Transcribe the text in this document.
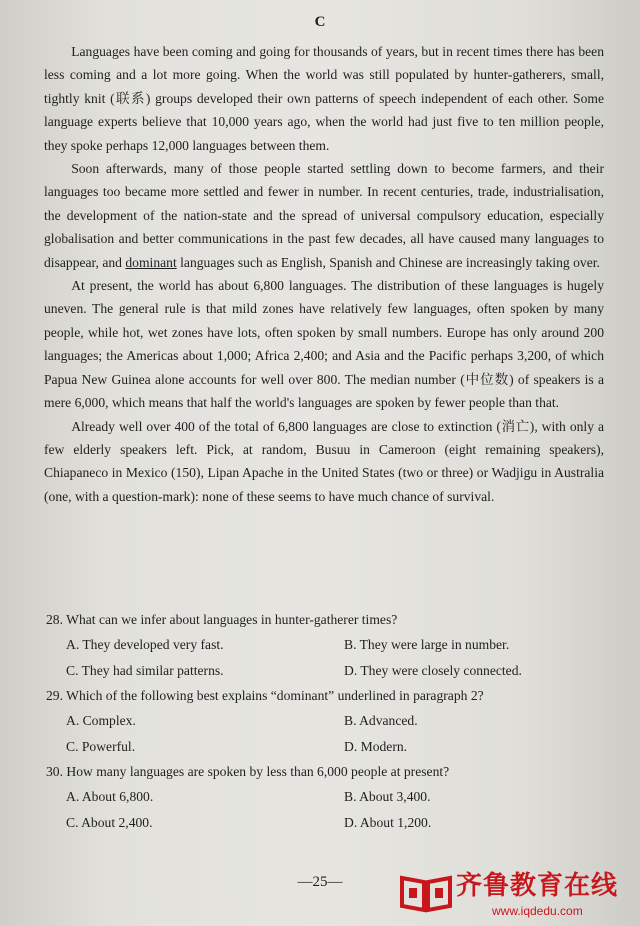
C

Languages have been coming and going for thousands of years, but in recent times there has been less coming and a lot more going. When the world was still populated by hunter-gatherers, small, tightly knit (联系) groups developed their own patterns of speech independent of each other. Some language experts believe that 10,000 years ago, when the world had just five to ten million people, they spoke perhaps 12,000 languages between them.

Soon afterwards, many of those people started settling down to become farmers, and their languages too became more settled and fewer in number. In recent centuries, trade, industrialisation, the development of the nation-state and the spread of universal compulsory education, especially globalisation and better communications in the past few decades, all have caused many languages to disappear, and dominant languages such as English, Spanish and Chinese are increasingly taking over.

At present, the world has about 6,800 languages. The distribution of these languages is hugely uneven. The general rule is that mild zones have relatively few languages, often spoken by many people, while hot, wet zones have lots, often spoken by small numbers. Europe has only around 200 languages; the Americas about 1,000; Africa 2,400; and Asia and the Pacific perhaps 3,200, of which Papua New Guinea alone accounts for well over 800. The median number (中位数) of speakers is a mere 6,000, which means that half the world's languages are spoken by fewer people than that.

Already well over 400 of the total of 6,800 languages are close to extinction (消亡), with only a few elderly speakers left. Pick, at random, Busuu in Cameroon (eight remaining speakers), Chiapaneco in Mexico (150), Lipan Apache in the United States (two or three) or Wadjigu in Australia (one, with a question-mark): none of these seems to have much chance of survival.

28. What can we infer about languages in hunter-gatherer times?
A. They developed very fast.	B. They were large in number.
C. They had similar patterns.	D. They were closely connected.
29. Which of the following best explains “dominant” underlined in paragraph 2?
A. Complex.	B. Advanced.
C. Powerful.	D. Modern.
30. How many languages are spoken by less than 6,000 people at present?
A. About 6,800.	B. About 3,400.
C. About 2,400.	D. About 1,200.
—25—	齐鲁教育在线
www.iqdedu.com
